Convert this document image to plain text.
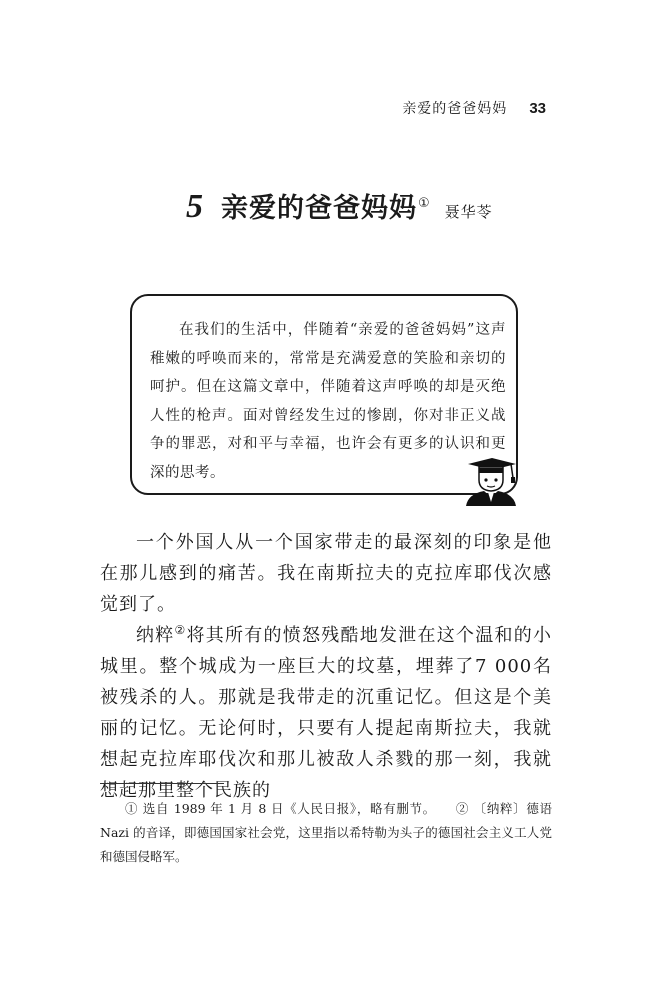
亲爱的爸爸妈妈 33
5 亲爱的爸爸妈妈① 聂华苓
在我们的生活中，伴随着“亲爱的爸爸妈妈”这声稚嫩的呼唤而来的，常常是充满爱意的笑脸和亲切的呵护。但在这篇文章中，伴随着这声呼唤的却是灭绝人性的枪声。面对曾经发生过的惨剧，你对非正义战争的罪恶，对和平与幸福，也许会有更多的认识和更深的思考。

一个外国人从一个国家带走的最深刻的印象是他在那儿感到的痛苦。我在南斯拉夫的克拉库耶伐次感觉到了。

纳粹②将其所有的愤怒残酷地发泄在这个温和的小城里。整个城成为一座巨大的坟墓，埋葬了7 000名被残杀的人。那就是我带走的沉重记忆。但这是个美丽的记忆。无论何时，只要有人提起南斯拉夫，我就想起克拉库耶伐次和那儿被敌人杀戮的那一刻，我就想起那里整个民族的

① 选自 1989 年 1 月 8 日《人民日报》，略有删节。　　② 〔纳粹〕德语 Nazi 的音译，即德国国家社会党，这里指以希特勒为头子的德国社会主义工人党和德国侵略军。
